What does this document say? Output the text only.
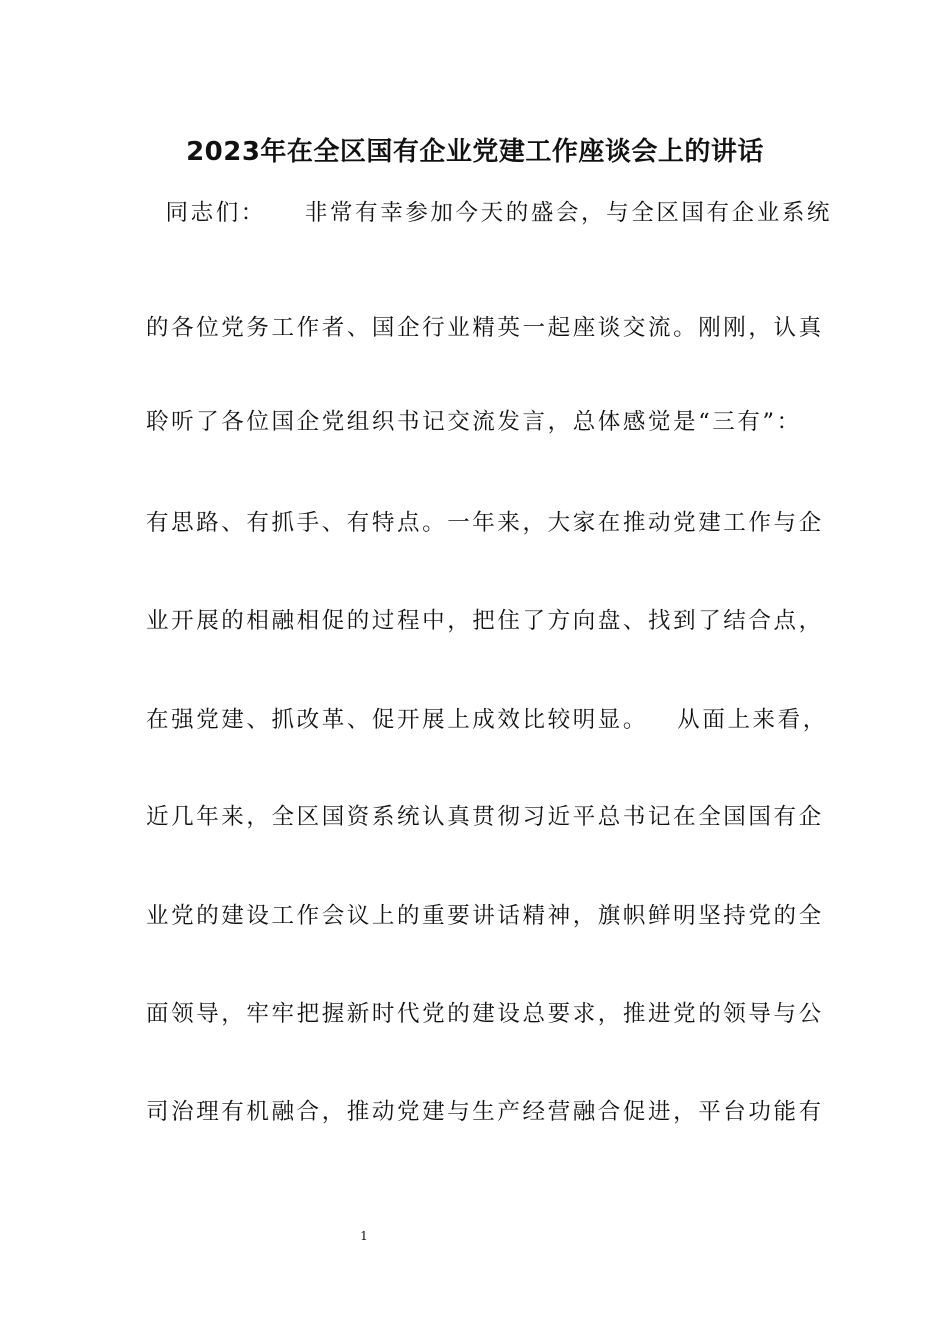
2023年在全区国有企业党建工作座谈会上的讲话
同志们：    非常有幸参加今天的盛会，与全区国有企业系统
的各位党务工作者、国企行业精英一起座谈交流。刚刚，认真
聆听了各位国企党组织书记交流发言，总体感觉是“三有”：
有思路、有抓手、有特点。一年来，大家在推动党建工作与企
业开展的相融相促的过程中，把住了方向盘、找到了结合点，
在强党建、抓改革、促开展上成效比较明显。   从面上来看，
近几年来，全区国资系统认真贯彻习近平总书记在全国国有企
业党的建设工作会议上的重要讲话精神，旗帜鲜明坚持党的全
面领导，牢牢把握新时代党的建设总要求，推进党的领导与公
司治理有机融合，推动党建与生产经营融合促进，平台功能有
1
